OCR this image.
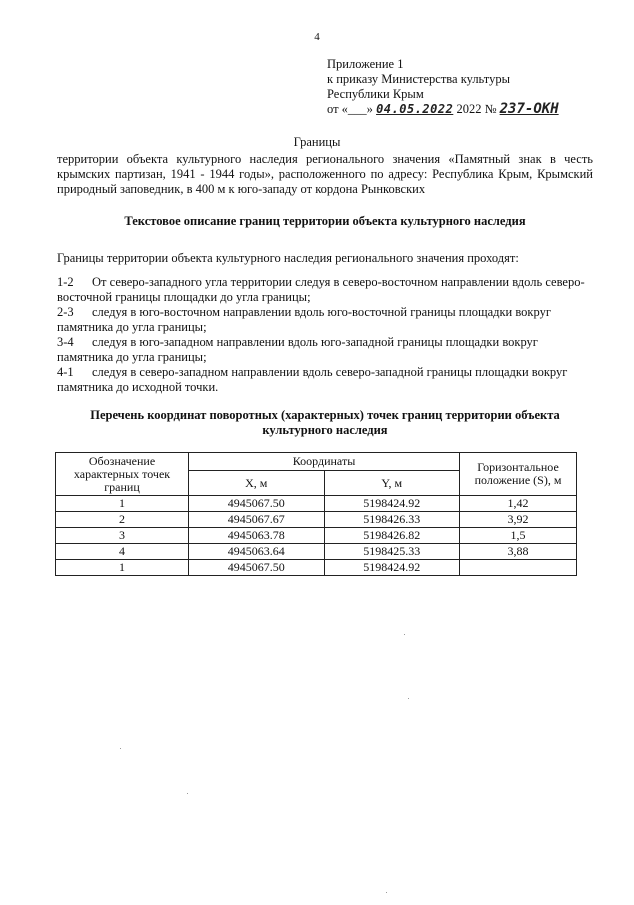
4
Приложение 1
к приказу Министерства культуры
Республики Крым
от «___» 04.05.2022 2022 № 237-ОКН
Границы
территории объекта культурного наследия регионального значения «Памятный знак в честь крымских партизан, 1941 - 1944 годы», расположенного по адресу: Республика Крым, Крымский природный заповедник, в 400 м к юго-западу от кордона Рынковских
Текстовое описание границ территории объекта культурного наследия
Границы территории объекта культурного наследия регионального значения проходят:
1-2 От северо-западного угла территории следуя в северо-восточном направлении вдоль северо-восточной границы площадки до угла границы;
2-3 следуя в юго-восточном направлении вдоль юго-восточной границы площадки вокруг памятника до угла границы;
3-4 следуя в юго-западном направлении вдоль юго-западной границы площадки вокруг памятника до угла границы;
4-1 следуя в северо-западном направлении вдоль северо-западной границы площадки вокруг памятника до исходной точки.
Перечень координат поворотных (характерных) точек границ территории объекта культурного наследия
Обозначение характерных точек границ	Координаты		Горизонтальное положение (S), м
	X, м	Y, м	
1	4945067.50	5198424.92	1,42
2	4945067.67	5198426.33	3,92
3	4945063.78	5198426.82	1,5
4	4945063.64	5198425.33	3,88
1	4945067.50	5198424.92	
